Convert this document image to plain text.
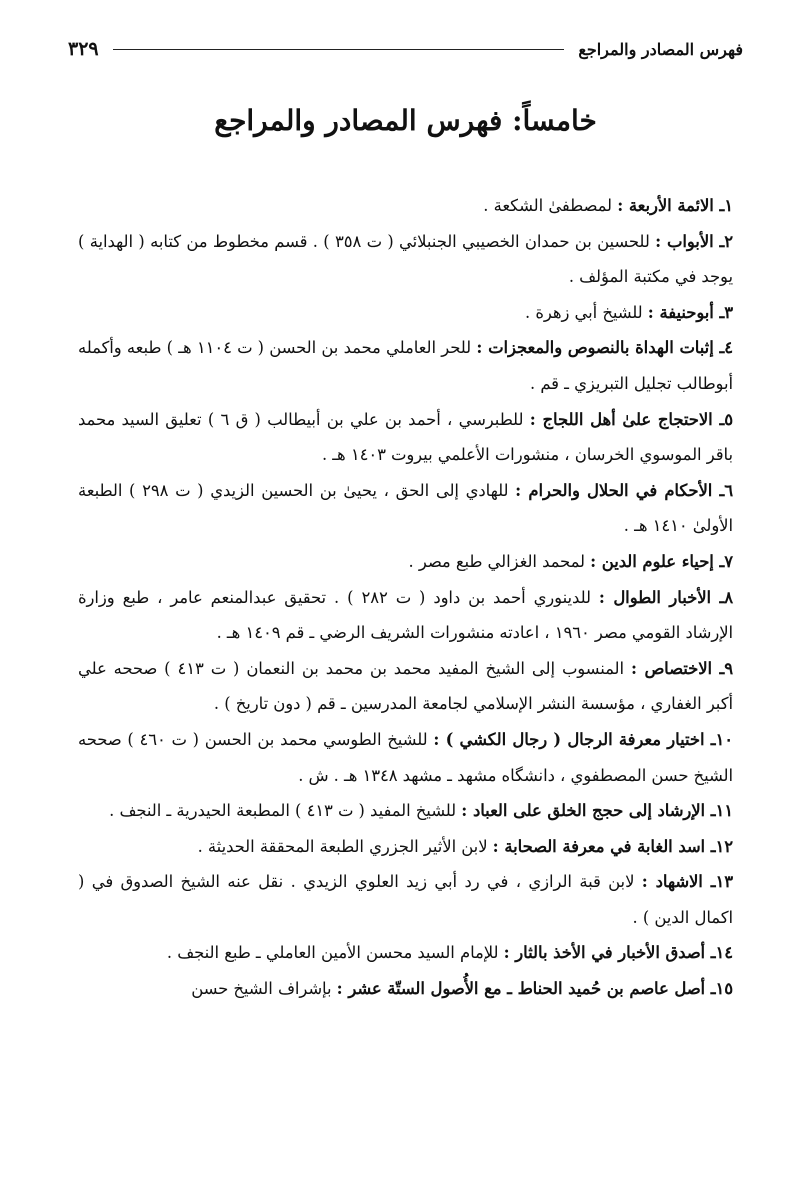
فهرس المصادر والمراجع
٣٢٩
خامساً: فهرس المصادر والمراجع

١ـ الائمة الأربعة : لمصطفىٰ الشكعة .

٢ـ الأبواب : للحسين بن حمدان الخصيبي الجنبلائي ( ت ٣٥٨ ) . قسم مخطوط من كتابه ( الهداية ) يوجد في مكتبة المؤلف .

٣ـ أبوحنيفة : للشيخ أبي زهرة .

٤ـ إثبات الهداة بالنصوص والمعجزات : للحر العاملي محمد بن الحسن ( ت ١١٠٤ هـ ) طبعه وأكمله أبوطالب تجليل التبريزي ـ قم .

٥ـ الاحتجاج علىٰ أهل اللجاج : للطبرسي ، أحمد بن علي بن أبيطالب ( ق ٦ ) تعليق السيد محمد باقر الموسوي الخرسان ، منشورات الأعلمي بيروت ١٤٠٣ هـ .

٦ـ الأحكام في الحلال والحرام : للهادي إلى الحق ، يحيىٰ بن الحسين الزيدي ( ت ٢٩٨ ) الطبعة الأولىٰ ١٤١٠ هـ .

٧ـ إحياء علوم الدين : لمحمد الغزالي طبع مصر .

٨ـ الأخبار الطوال : للدينوري أحمد بن داود ( ت ٢٨٢ ) . تحقيق عبدالمنعم عامر ، طبع وزارة الإرشاد القومي مصر ١٩٦٠ ، اعادته منشورات الشريف الرضي ـ قم ١٤٠٩ هـ .

٩ـ الاختصاص : المنسوب إلى الشيخ المفيد محمد بن محمد بن النعمان ( ت ٤١٣ ) صححه علي أكبر الغفاري ، مؤسسة النشر الإسلامي لجامعة المدرسين ـ قم ( دون تاريخ ) .

١٠ـ اختيار معرفة الرجال ( رجال الكشي ) : للشيخ الطوسي محمد بن الحسن ( ت ٤٦٠ ) صححه الشيخ حسن المصطفوي ، دانشگاه مشهد ـ مشهد ١٣٤٨ هـ . ش .

١١ـ الإرشاد إلى حجج الخلق على العباد : للشيخ المفيد ( ت ٤١٣ ) المطبعة الحيدرية ـ النجف .

١٢ـ اسد الغابة في معرفة الصحابة : لابن الأثير الجزري الطبعة المحققة الحديثة .

١٣ـ الاشهاد : لابن قبة الرازي ، في رد أبي زيد العلوي الزيدي . نقل عنه الشيخ الصدوق في ( اكمال الدين ) .

١٤ـ أصدق الأخبار في الأخذ بالثار : للإمام السيد محسن الأمين العاملي ـ طبع النجف .

١٥ـ أصل عاصم بن حُميد الحناط ـ مع الأُصول الستّة عشر : بإشراف الشيخ حسن
